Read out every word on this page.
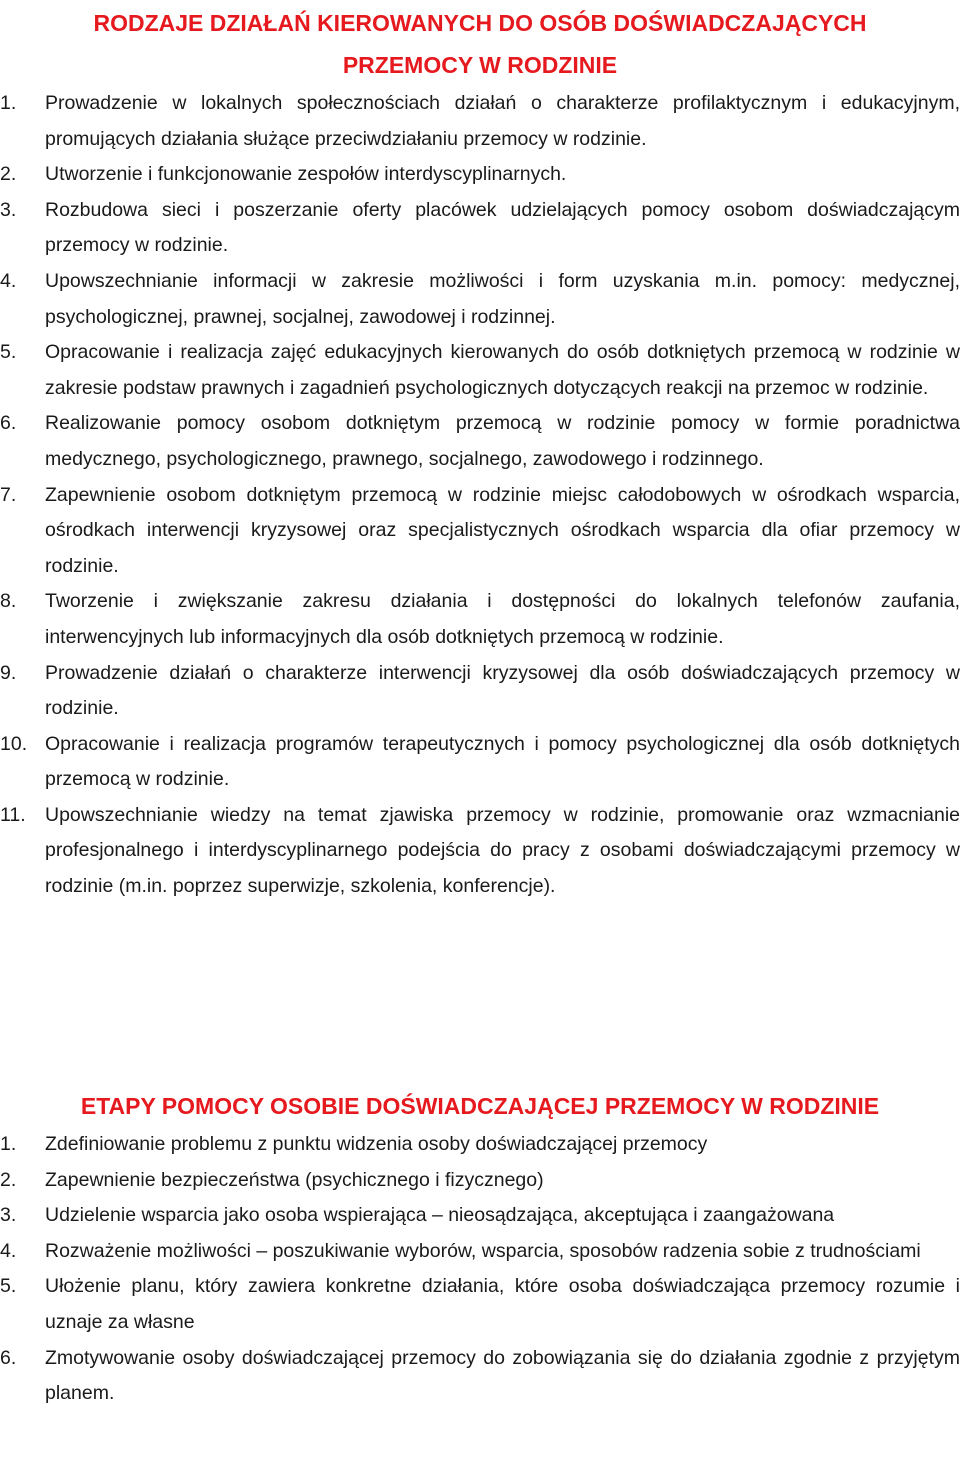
RODZAJE DZIAŁAŃ KIEROWANYCH DO OSÓB DOŚWIADCZAJĄCYCH
PRZEMOCY W RODZINIE
1.	Prowadzenie w lokalnych społecznościach działań o charakterze profilaktycznym i edukacyjnym, promujących działania służące przeciwdziałaniu przemocy w rodzinie.
2.	Utworzenie i funkcjonowanie zespołów interdyscyplinarnych.
3.	Rozbudowa sieci i poszerzanie oferty placówek udzielających pomocy osobom doświadczającym przemocy w rodzinie.
4.	Upowszechnianie informacji w zakresie możliwości i form uzyskania m.in. pomocy: medycznej, psychologicznej, prawnej, socjalnej, zawodowej i rodzinnej.
5.	Opracowanie i realizacja zajęć edukacyjnych kierowanych do osób dotkniętych przemocą w rodzinie w zakresie podstaw prawnych i zagadnień psychologicznych dotyczących reakcji na przemoc w rodzinie.
6.	Realizowanie pomocy osobom dotkniętym przemocą w rodzinie pomocy w formie poradnictwa medycznego, psychologicznego, prawnego, socjalnego, zawodowego i rodzinnego.
7.	Zapewnienie osobom dotkniętym przemocą w rodzinie miejsc całodobowych w ośrodkach wsparcia, ośrodkach interwencji kryzysowej oraz specjalistycznych ośrodkach wsparcia dla ofiar przemocy w rodzinie.
8.	Tworzenie i zwiększanie zakresu działania i dostępności do lokalnych telefonów zaufania, interwencyjnych lub informacyjnych dla osób dotkniętych przemocą w rodzinie.
9.	Prowadzenie działań o charakterze interwencji kryzysowej dla osób doświadczających przemocy w rodzinie.
10. Opracowanie i realizacja programów terapeutycznych i pomocy psychologicznej dla osób dotkniętych przemocą w rodzinie.
11. Upowszechnianie wiedzy na temat zjawiska przemocy w rodzinie, promowanie oraz wzmacnianie profesjonalnego i interdyscyplinarnego podejścia do pracy z osobami doświadczającymi przemocy w rodzinie (m.in. poprzez superwizje, szkolenia, konferencje).
ETAPY POMOCY OSOBIE DOŚWIADCZAJĄCEJ PRZEMOCY W RODZINIE
1.	Zdefiniowanie problemu z punktu widzenia osoby doświadczającej przemocy
2.	Zapewnienie bezpieczeństwa (psychicznego i fizycznego)
3.	Udzielenie wsparcia jako osoba wspierająca – nieosądzająca, akceptująca i zaangażowana
4.	Rozważenie możliwości – poszukiwanie wyborów, wsparcia, sposobów radzenia sobie z trudnościami
5.	Ułożenie planu, który zawiera konkretne działania, które osoba doświadczająca przemocy rozumie i uznaje za własne
6.	Zmotywowanie osoby doświadczającej przemocy do zobowiązania się do działania zgodnie z przyjętym planem.
